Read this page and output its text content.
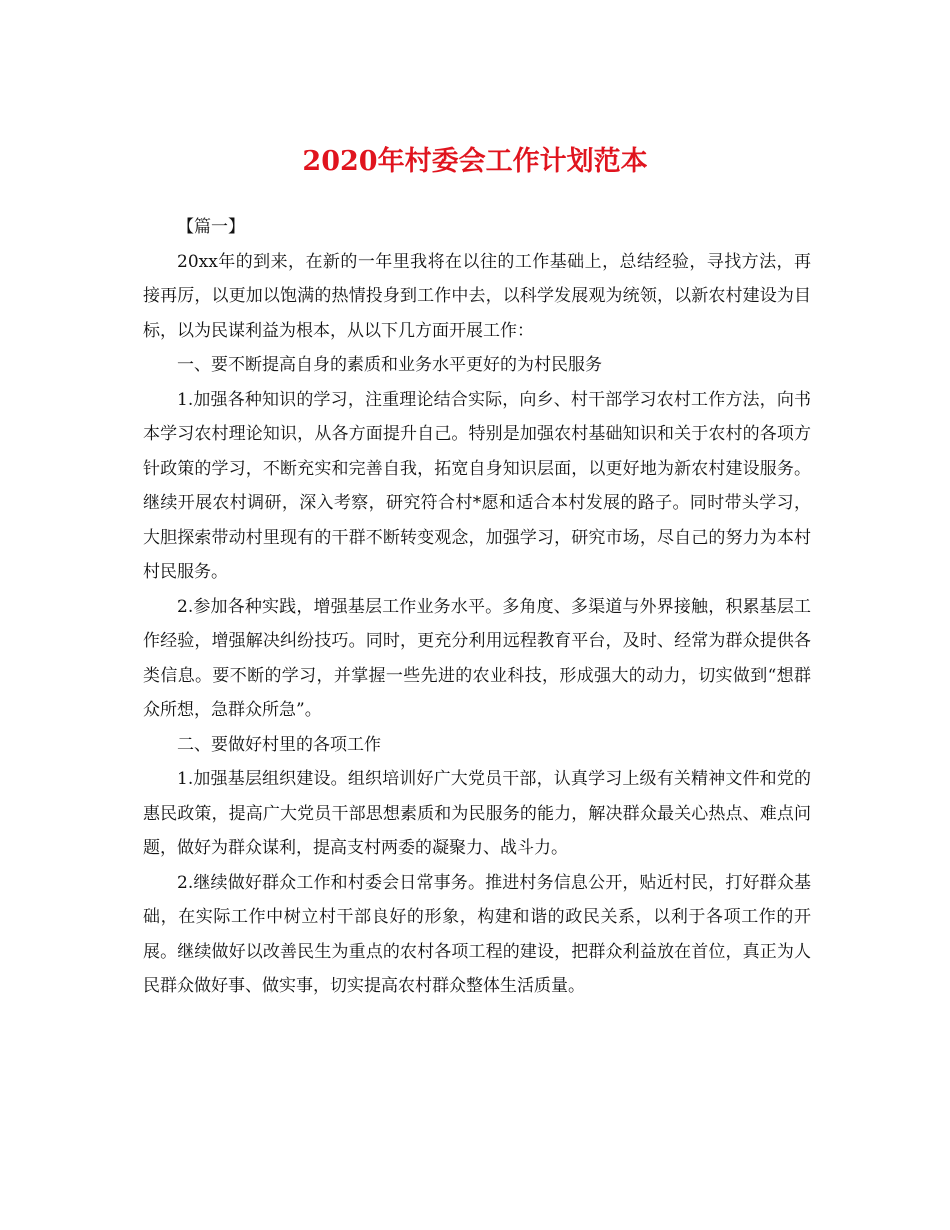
2020年村委会工作计划范本

【篇一】

20xx年的到来，在新的一年里我将在以往的工作基础上，总结经验，寻找方法，再接再厉，以更加以饱满的热情投身到工作中去，以科学发展观为统领，以新农村建设为目标，以为民谋利益为根本，从以下几方面开展工作：

一、要不断提高自身的素质和业务水平更好的为村民服务

1.加强各种知识的学习，注重理论结合实际，向乡、村干部学习农村工作方法，向书本学习农村理论知识，从各方面提升自己。特别是加强农村基础知识和关于农村的各项方针政策的学习，不断充实和完善自我，拓宽自身知识层面，以更好地为新农村建设服务。继续开展农村调研，深入考察，研究符合村*愿和适合本村发展的路子。同时带头学习，大胆探索带动村里现有的干群不断转变观念，加强学习，研究市场，尽自己的努力为本村村民服务。

2.参加各种实践，增强基层工作业务水平。多角度、多渠道与外界接触，积累基层工作经验，增强解决纠纷技巧。同时，更充分利用远程教育平台，及时、经常为群众提供各类信息。要不断的学习，并掌握一些先进的农业科技，形成强大的动力，切实做到“想群众所想，急群众所急”。

二、要做好村里的各项工作

1.加强基层组织建设。组织培训好广大党员干部，认真学习上级有关精神文件和党的惠民政策，提高广大党员干部思想素质和为民服务的能力，解决群众最关心热点、难点问题，做好为群众谋利，提高支村两委的凝聚力、战斗力。

2.继续做好群众工作和村委会日常事务。推进村务信息公开，贴近村民，打好群众基础，在实际工作中树立村干部良好的形象，构建和谐的政民关系，以利于各项工作的开展。继续做好以改善民生为重点的农村各项工程的建设，把群众利益放在首位，真正为人民群众做好事、做实事，切实提高农村群众整体生活质量。
